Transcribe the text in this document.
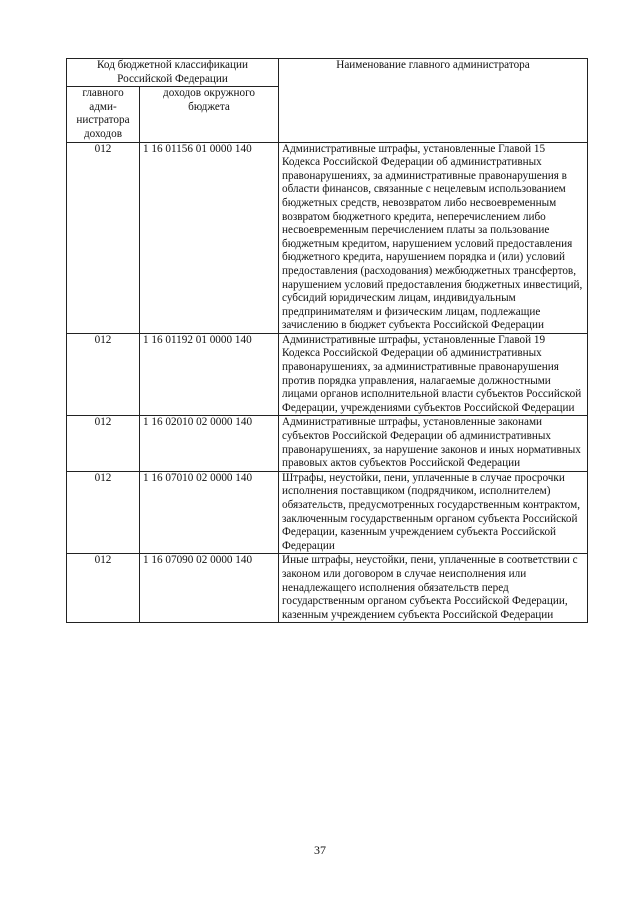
Код бюджетной классификации Российской Федерации		Наименование главного администратора
главного адми-нистратора доходов	доходов окружного бюджета	
012	1 16 01156 01 0000 140	Административные штрафы, установленные Главой 15 Кодекса Российской Федерации об административных правонарушениях, за административные правонарушения в области финансов, связанные с нецелевым использованием бюджетных средств, невозвратом либо несвоевременным возвратом бюджетного кредита, неперечислением либо несвоевременным перечислением платы за пользование бюджетным кредитом, нарушением условий предоставления бюджетного кредита, нарушением порядка и (или) условий предоставления (расходования) межбюджетных трансфертов, нарушением условий предоставления бюджетных инвестиций, субсидий юридическим лицам, индивидуальным предпринимателям и физическим лицам, подлежащие зачислению в бюджет субъекта Российской Федерации
012	1 16 01192 01 0000 140	Административные штрафы, установленные Главой 19 Кодекса Российской Федерации об административных правонарушениях, за административные правонарушения против порядка управления, налагаемые должностными лицами органов исполнительной власти субъектов Российской Федерации, учреждениями субъектов Российской Федерации
012	1 16 02010 02 0000 140	Административные штрафы, установленные законами субъектов Российской Федерации об административных правонарушениях, за нарушение законов и иных нормативных правовых актов субъектов Российской Федерации
012	1 16 07010 02 0000 140	Штрафы, неустойки, пени, уплаченные в случае просрочки исполнения поставщиком (подрядчиком, исполнителем) обязательств, предусмотренных государственным контрактом, заключенным государственным органом субъекта Российской Федерации, казенным учреждением субъекта Российской Федерации
012	1 16 07090 02 0000 140	Иные штрафы, неустойки, пени, уплаченные в соответствии с законом или договором в случае неисполнения или ненадлежащего исполнения обязательств перед государственным органом субъекта Российской Федерации, казенным учреждением субъекта Российской Федерации
37
